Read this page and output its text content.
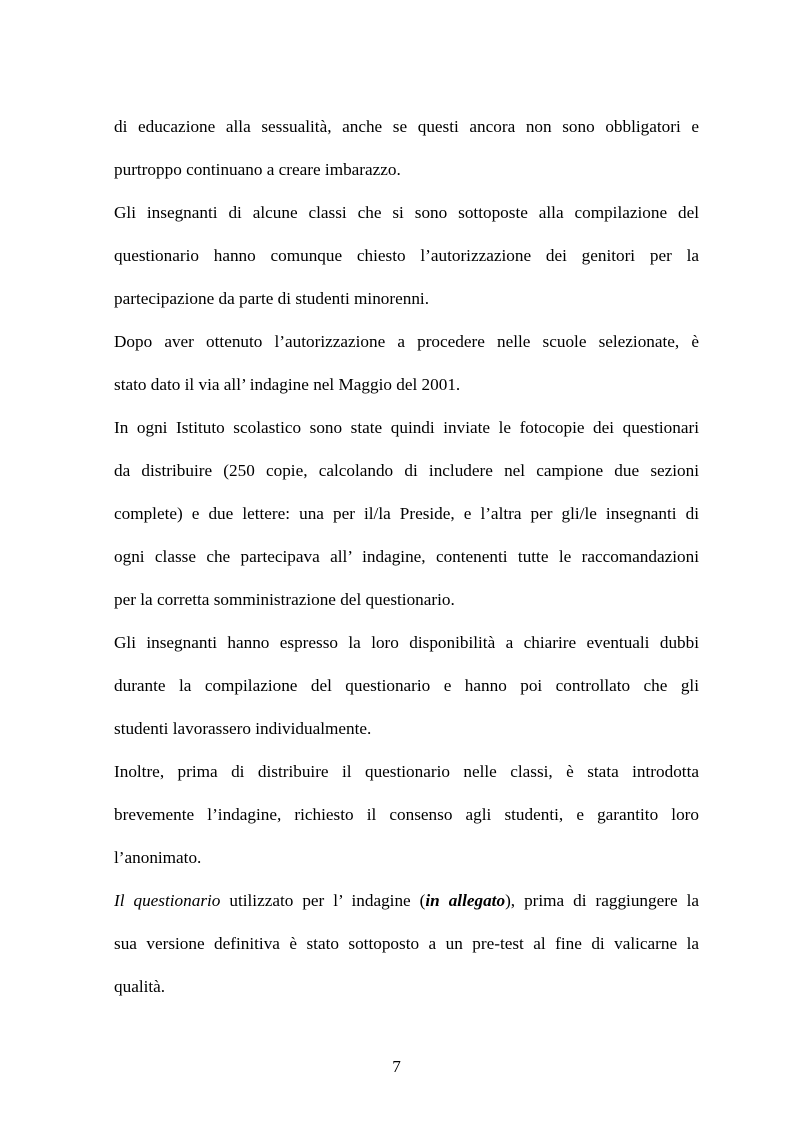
di educazione alla sessualità, anche se questi ancora non sono obbligatori e

purtroppo continuano a creare imbarazzo.

Gli insegnanti di alcune classi che si sono sottoposte alla compilazione del

questionario hanno comunque chiesto l’autorizzazione dei genitori per la

partecipazione da parte di studenti minorenni.

Dopo aver ottenuto l’autorizzazione a procedere nelle scuole selezionate, è

stato dato il via all’ indagine nel Maggio del 2001.

In ogni Istituto scolastico sono state quindi inviate le fotocopie dei questionari

da distribuire (250 copie, calcolando di includere nel campione due sezioni

complete) e due lettere: una per il/la Preside, e l’altra per gli/le insegnanti di

ogni classe che partecipava all’ indagine, contenenti tutte le raccomandazioni

per la corretta somministrazione del questionario.

Gli insegnanti hanno espresso la loro disponibilità a chiarire eventuali dubbi

durante la compilazione del questionario e hanno poi controllato che gli

studenti lavorassero individualmente.

Inoltre, prima di distribuire il questionario nelle classi, è stata introdotta

brevemente l’indagine, richiesto il consenso agli studenti, e garantito loro

l’anonimato.

Il questionario utilizzato per l’ indagine (in allegato), prima di raggiungere la

sua versione definitiva è stato sottoposto a un pre-test al fine di valicarne la

qualità.

7
